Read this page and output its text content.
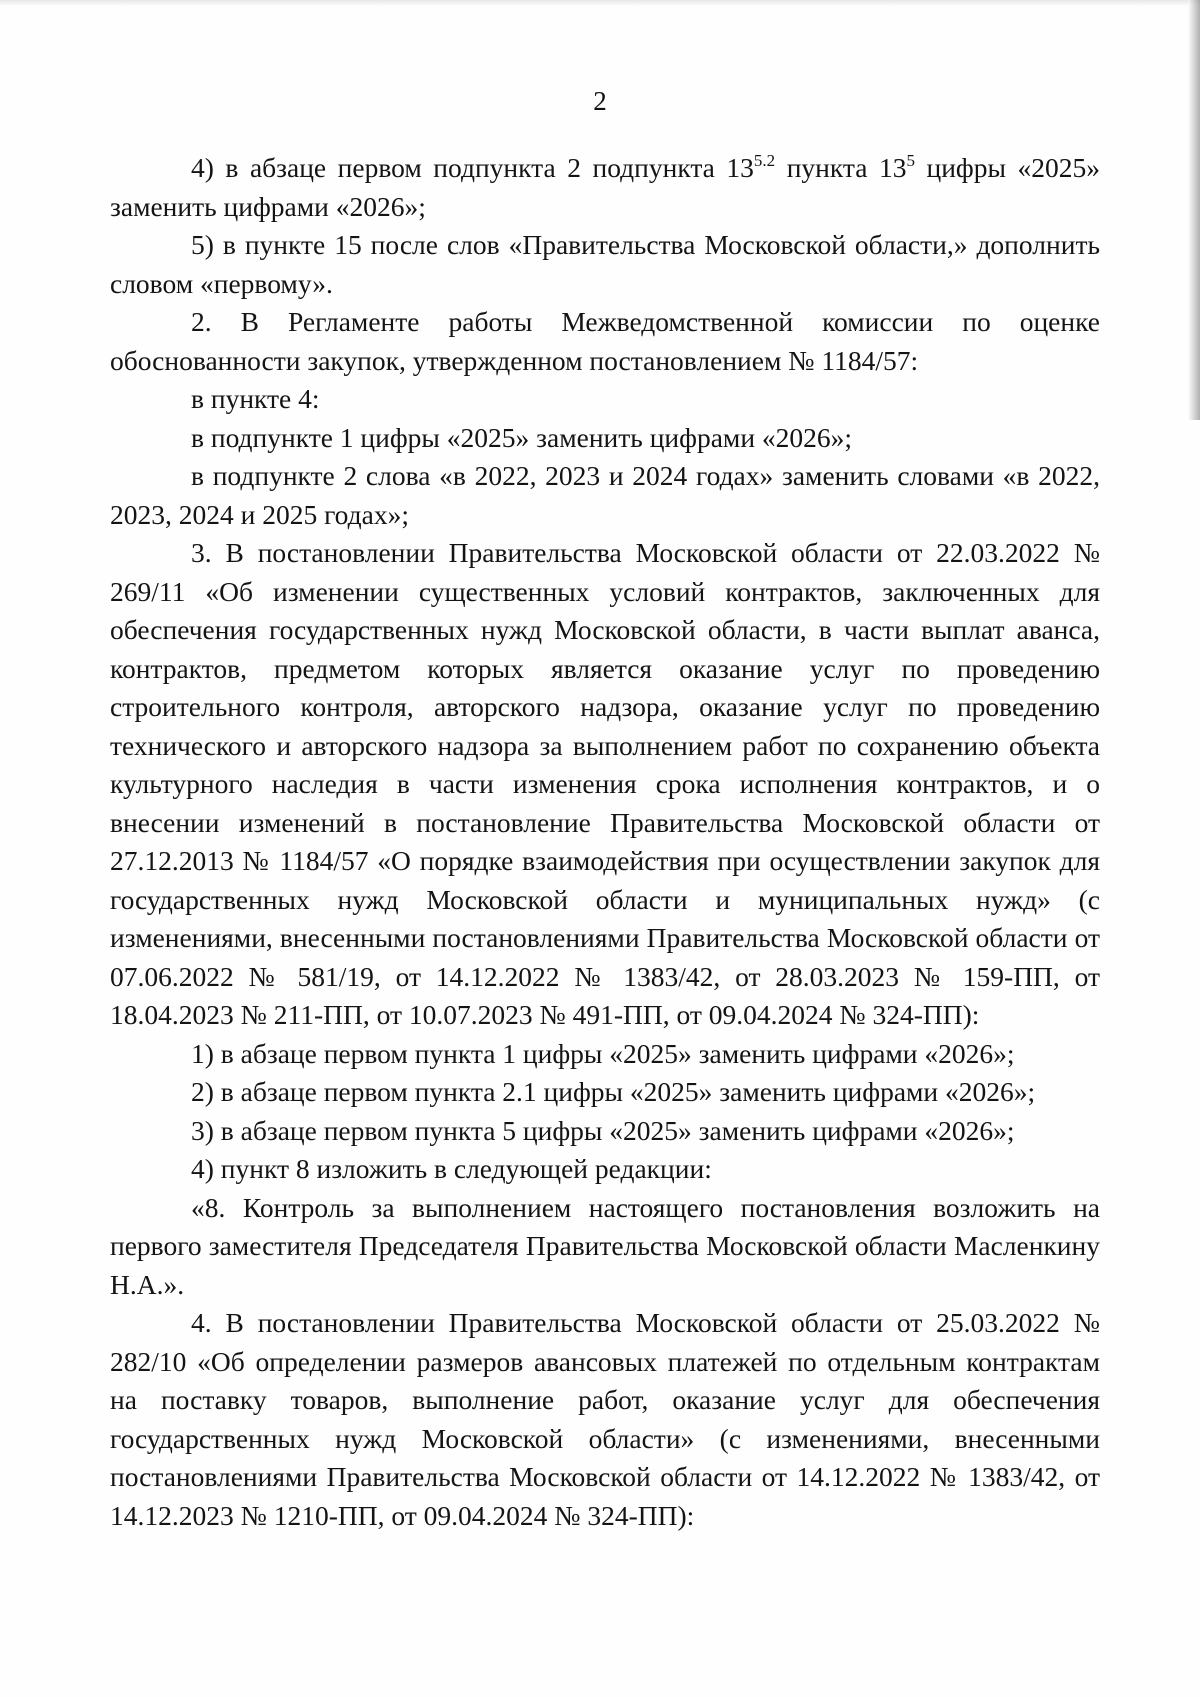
2

4) в абзаце первом подпункта 2 подпункта $13^{5.2}$ пункта $13^5$ цифры «2025» заменить цифрами «2026»;

5) в пункте 15 после слов «Правительства Московской области,» дополнить словом «первому».

2. В Регламенте работы Межведомственной комиссии по оценке обоснованности закупок, утвержденном постановлением № 1184/57:

в пункте 4:

в подпункте 1 цифры «2025» заменить цифрами «2026»;

в подпункте 2 слова «в 2022, 2023 и 2024 годах» заменить словами «в 2022, 2023, 2024 и 2025 годах»;

3. В постановлении Правительства Московской области от 22.03.2022 № 269/11 «Об изменении существенных условий контрактов, заключенных для обеспечения государственных нужд Московской области, в части выплат аванса, контрактов, предметом которых является оказание услуг по проведению строительного контроля, авторского надзора, оказание услуг по проведению технического и авторского надзора за выполнением работ по сохранению объекта культурного наследия в части изменения срока исполнения контрактов, и о внесении изменений в постановление Правительства Московской области от 27.12.2013 № 1184/57 «О порядке взаимодействия при осуществлении закупок для государственных нужд Московской области и муниципальных нужд» (с изменениями, внесенными постановлениями Правительства Московской области от 07.06.2022 № 581/19, от 14.12.2022 № 1383/42, от 28.03.2023 № 159-ПП, от 18.04.2023 № 211-ПП, от 10.07.2023 № 491-ПП, от 09.04.2024 № 324-ПП):

1) в абзаце первом пункта 1 цифры «2025» заменить цифрами «2026»;

2) в абзаце первом пункта 2.1 цифры «2025» заменить цифрами «2026»;

3) в абзаце первом пункта 5 цифры «2025» заменить цифрами «2026»;

4) пункт 8 изложить в следующей редакции:

«8. Контроль за выполнением настоящего постановления возложить на первого заместителя Председателя Правительства Московской области Масленкину Н.А.».

4. В постановлении Правительства Московской области от 25.03.2022 № 282/10 «Об определении размеров авансовых платежей по отдельным контрактам на поставку товаров, выполнение работ, оказание услуг для обеспечения государственных нужд Московской области» (с изменениями, внесенными постановлениями Правительства Московской области от 14.12.2022 № 1383/42, от 14.12.2023 № 1210-ПП, от 09.04.2024 № 324-ПП):
